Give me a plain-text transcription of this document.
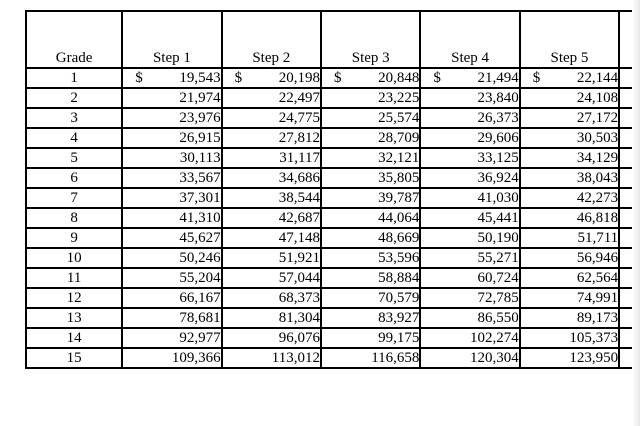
Grade	Step 1	Step 2	Step 3	Step 4	Step 5	
1	$ 19,543	$ 20,198	$ 20,848	$ 21,494	$ 22,144	
2	21,974	22,497	23,225	23,840	24,108	
3	23,976	24,775	25,574	26,373	27,172	
4	26,915	27,812	28,709	29,606	30,503	
5	30,113	31,117	32,121	33,125	34,129	
6	33,567	34,686	35,805	36,924	38,043	
7	37,301	38,544	39,787	41,030	42,273	
8	41,310	42,687	44,064	45,441	46,818	
9	45,627	47,148	48,669	50,190	51,711	
10	50,246	51,921	53,596	55,271	56,946	
11	55,204	57,044	58,884	60,724	62,564	
12	66,167	68,373	70,579	72,785	74,991	
13	78,681	81,304	83,927	86,550	89,173	
14	92,977	96,076	99,175	102,274	105,373	
15	109,366	113,012	116,658	120,304	123,950	
